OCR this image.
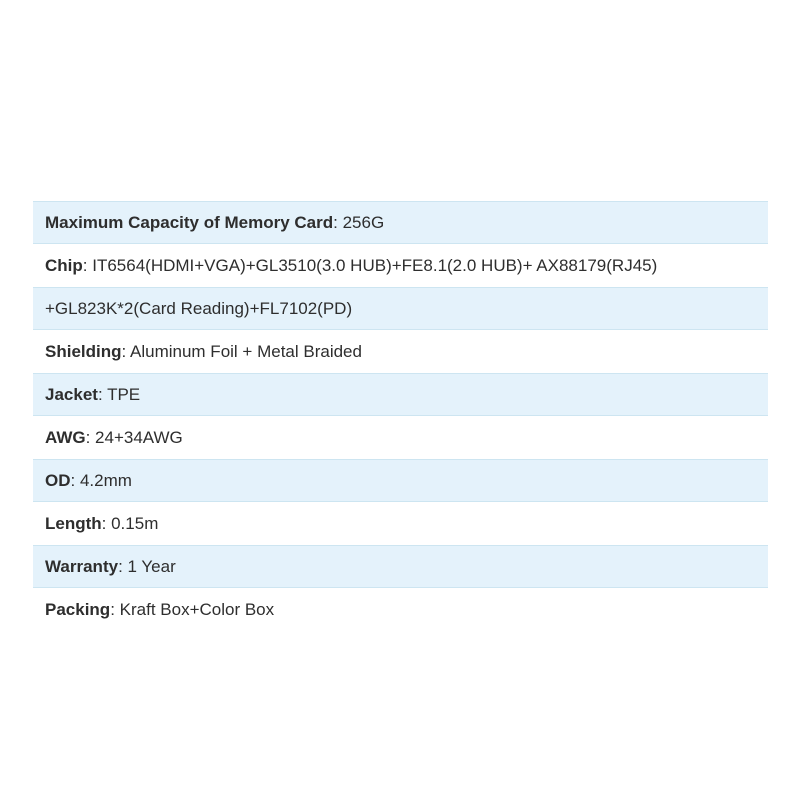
Maximum Capacity of Memory Card : 256G
Chip : IT6564(HDMI+VGA)+GL3510(3.0 HUB)+FE8.1(2.0 HUB)+ AX88179(RJ45)
+GL823K*2(Card Reading)+FL7102(PD)
Shielding : Aluminum Foil + Metal Braided
Jacket : TPE
AWG : 24+34AWG
OD : 4.2mm
Length : 0.15m
Warranty : 1 Year
Packing : Kraft Box+Color Box
